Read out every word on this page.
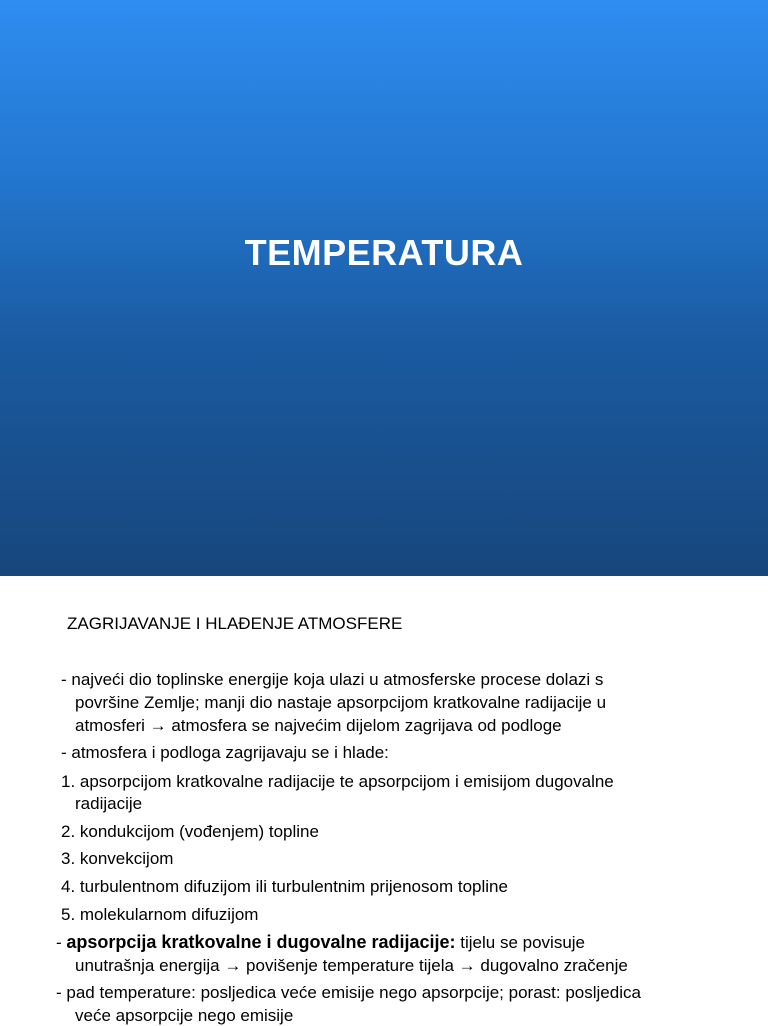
TEMPERATURA
ZAGRIJAVANJE I HLAĐENJE ATMOSFERE
- najveći dio toplinske energije koja ulazi u atmosferske procese dolazi s
površine Zemlje; manji dio nastaje apsorpcijom kratkovalne radijacije u
atmosferi → atmosfera se najvećim dijelom zagrijava od podloge
- atmosfera i podloga zagrijavaju se i hlade:
1. apsorpcijom kratkovalne radijacije te apsorpcijom i emisijom dugovalne
radijacije
2. kondukcijom (vođenjem) topline
3. konvekcijom
4. turbulentnom difuzijom ili turbulentnim prijenosom topline
5. molekularnom difuzijom
- apsorpcija kratkovalne i dugovalne radijacije: tijelu se povisuje
unutrašnja energija → povišenje temperature tijela → dugovalno zračenje
- pad temperature: posljedica veće emisije nego apsorpcije; porast: posljedica
veće apsorpcije nego emisije
